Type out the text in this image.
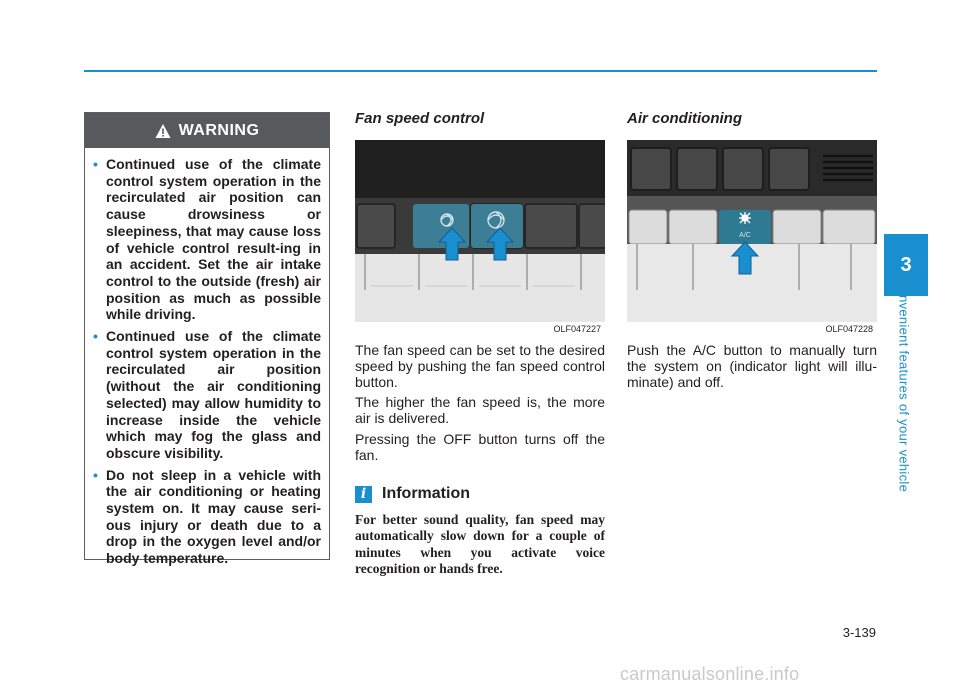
WARNING
• Continued use of the climate control system operation in the recirculated air position can cause drowsiness or sleepiness, that may cause loss of vehicle control result-ing in an accident. Set the air intake control to the outside (fresh) air position as much as possible while driving.
• Continued use of the climate control system operation in the recirculated air position (without the air conditioning selected) may allow humidity to increase inside the vehicle which may fog the glass and obscure visibility.
• Do not sleep in a vehicle with the air conditioning or heating system on. It may cause seri-ous injury or death due to a drop in the oxygen level and/or body temperature.
Fan speed control
OLF047227

The fan speed can be set to the desired speed by pushing the fan speed control button.

The higher the fan speed is, the more air is delivered.

Pressing the OFF button turns off the fan.

i Information

For better sound quality, fan speed may automatically slow down for a couple of minutes when you activate voice recognition or hands free.

Air conditioning
A/C
OLF047228

Push the A/C button to manually turn the system on (indicator light will illu-minate) and off.

3
Convenient features of your vehicle
3-139
carmanualsonline.info
